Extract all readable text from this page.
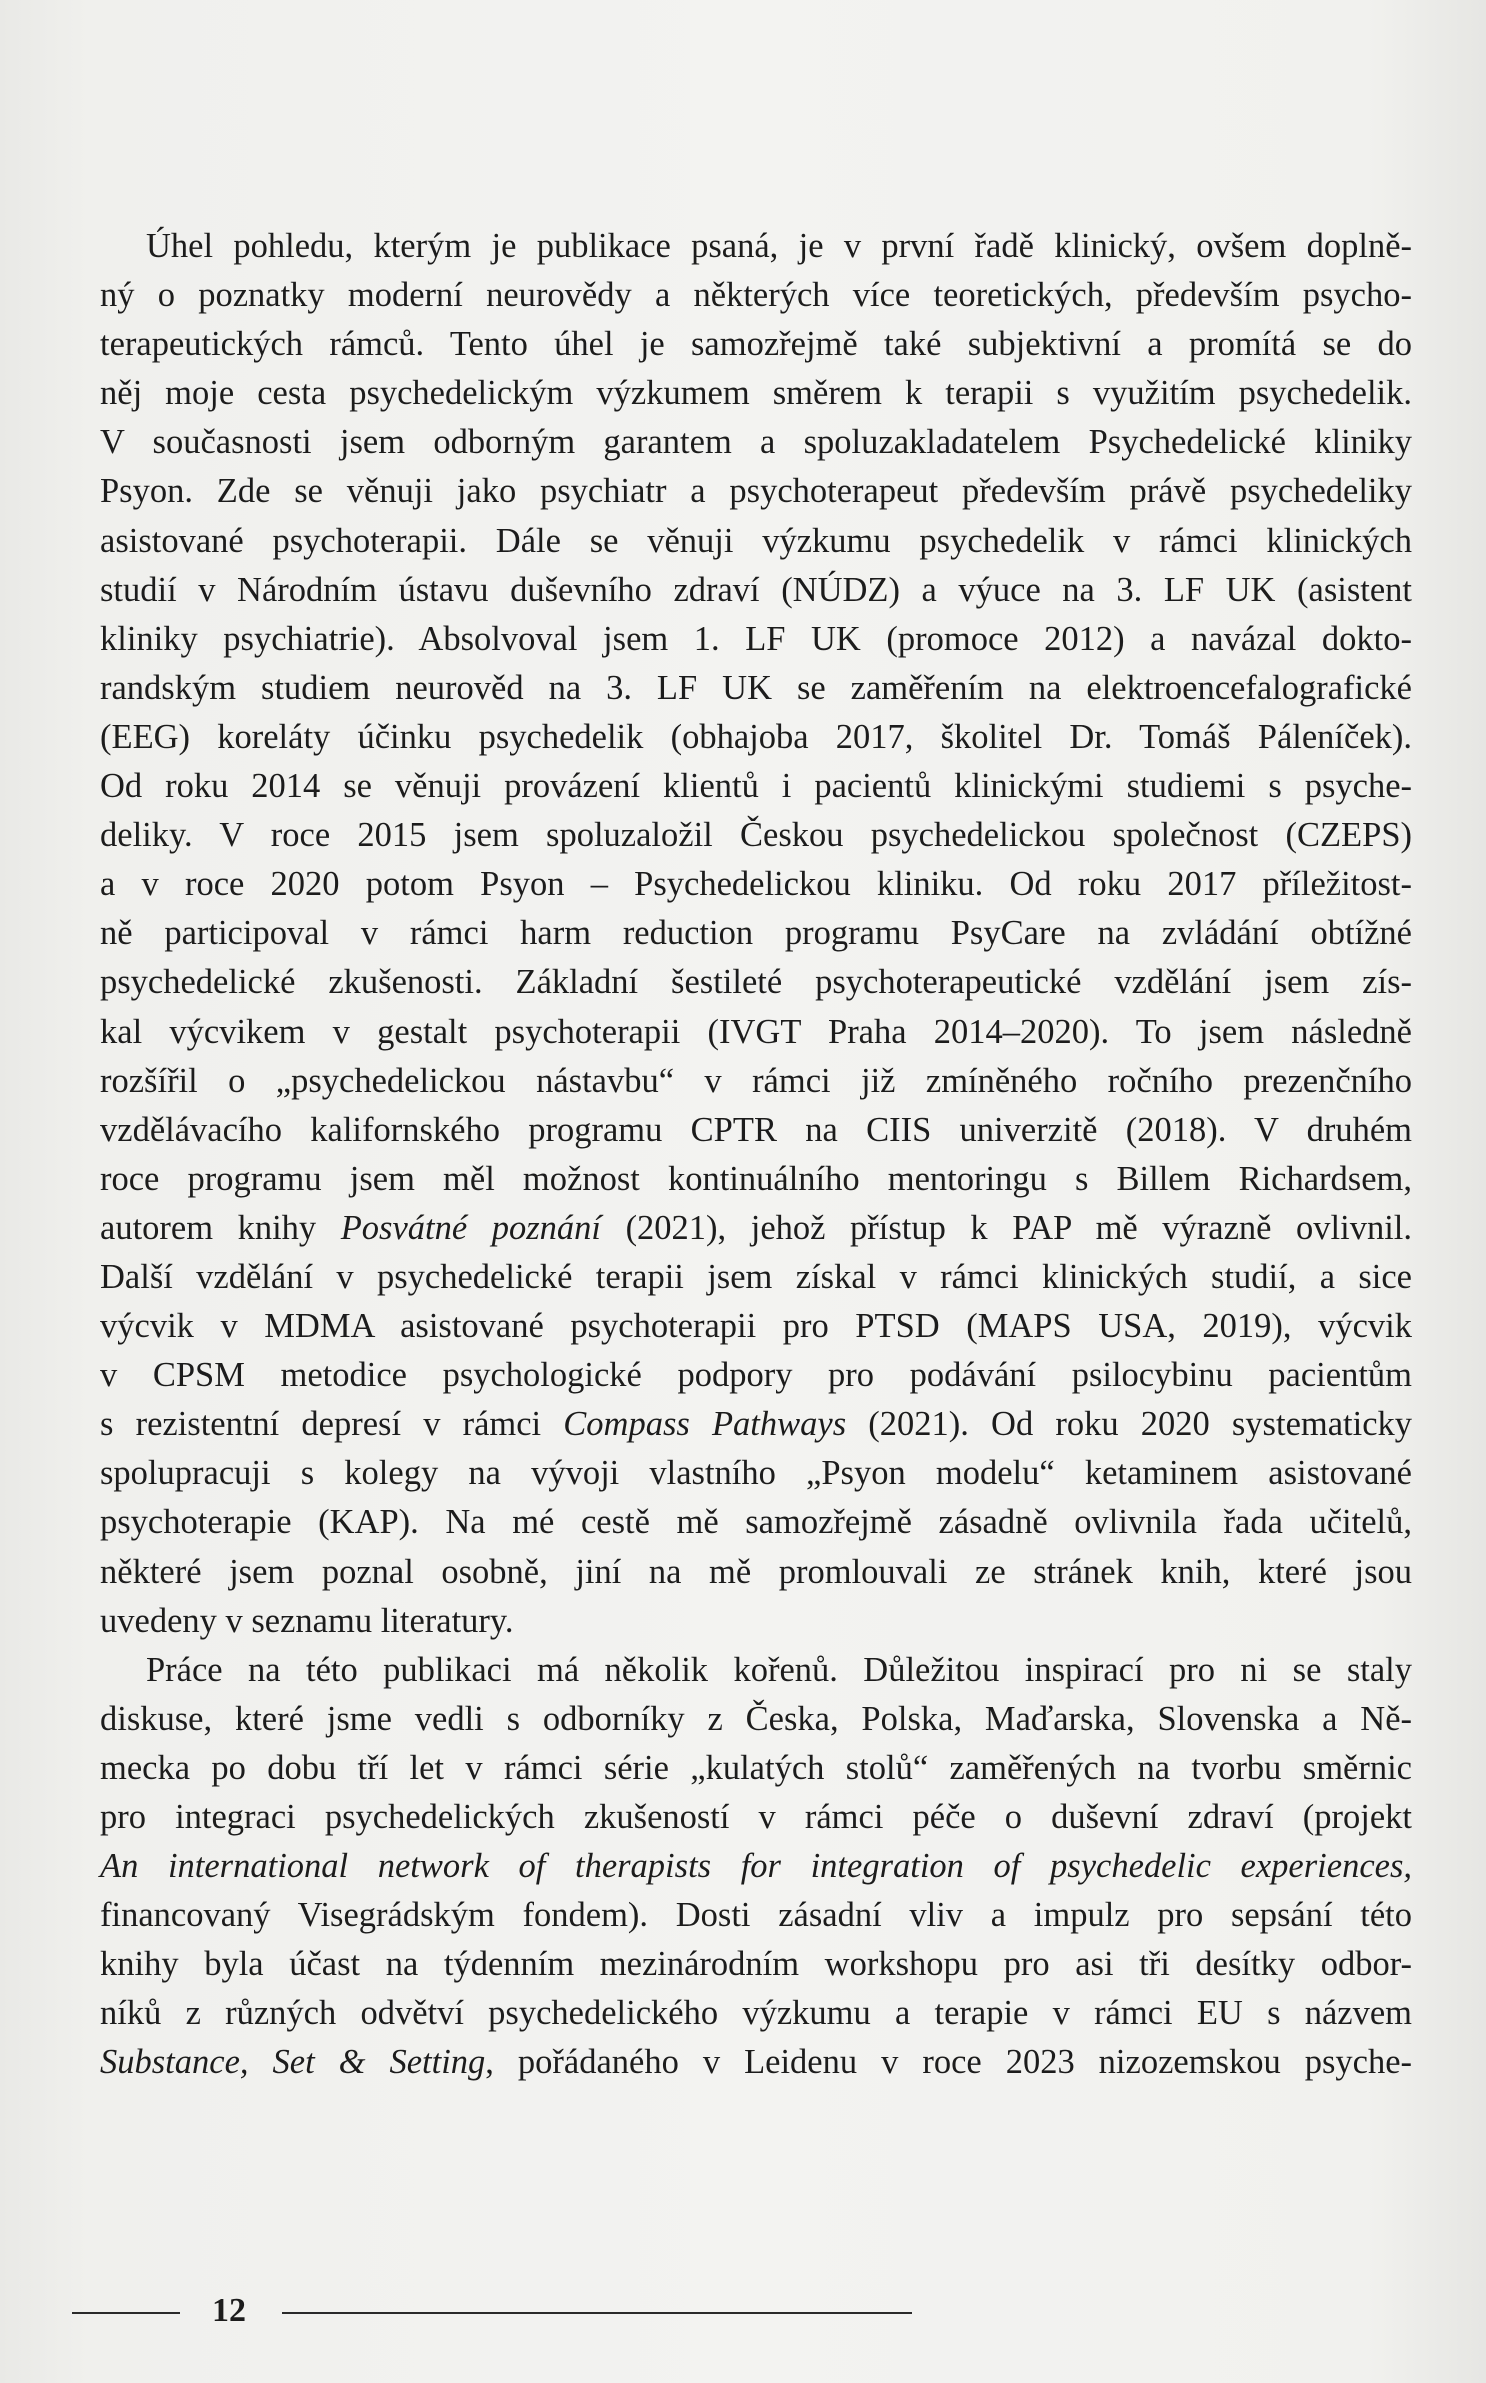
Úhel pohledu, kterým je publikace psaná, je v první řadě klinický, ovšem doplně-
ný o poznatky moderní neurovědy a některých více teoretických, především psycho-
terapeutických rámců. Tento úhel je samozřejmě také subjektivní a promítá se do
něj moje cesta psychedelickým výzkumem směrem k terapii s využitím psychedelik.
V současnosti jsem odborným garantem a spoluzakladatelem Psychedelické kliniky
Psyon. Zde se věnuji jako psychiatr a psychoterapeut především právě psychedeliky
asistované psychoterapii. Dále se věnuji výzkumu psychedelik v rámci klinických
studií v Národním ústavu duševního zdraví (NÚDZ) a výuce na 3. LF UK (asistent
kliniky psychiatrie). Absolvoval jsem 1. LF UK (promoce 2012) a navázal dokto-
randským studiem neurověd na 3. LF UK se zaměřením na elektroencefalografické
(EEG) koreláty účinku psychedelik (obhajoba 2017, školitel Dr. Tomáš Páleníček).
Od roku 2014 se věnuji provázení klientů i pacientů klinickými studiemi s psyche-
deliky. V roce 2015 jsem spoluzaložil Českou psychedelickou společnost (CZEPS)
a v roce 2020 potom Psyon – Psychedelickou kliniku. Od roku 2017 příležitost-
ně participoval v rámci harm reduction programu PsyCare na zvládání obtížné
psychedelické zkušenosti. Základní šestileté psychoterapeutické vzdělání jsem zís-
kal výcvikem v gestalt psychoterapii (IVGT Praha 2014–2020). To jsem následně
rozšířil o „psychedelickou nástavbu“ v rámci již zmíněného ročního prezenčního
vzdělávacího kalifornského programu CPTR na CIIS univerzitě (2018). V druhém
roce programu jsem měl možnost kontinuálního mentoringu s Billem Richardsem,
autorem knihy Posvátné poznání (2021), jehož přístup k PAP mě výrazně ovlivnil.
Další vzdělání v psychedelické terapii jsem získal v rámci klinických studií, a sice
výcvik v MDMA asistované psychoterapii pro PTSD (MAPS USA, 2019), výcvik
v CPSM metodice psychologické podpory pro podávání psilocybinu pacientům
s rezistentní depresí v rámci Compass Pathways (2021). Od roku 2020 systematicky
spolupracuji s kolegy na vývoji vlastního „Psyon modelu“ ketaminem asistované
psychoterapie (KAP). Na mé cestě mě samozřejmě zásadně ovlivnila řada učitelů,
některé jsem poznal osobně, jiní na mě promlouvali ze stránek knih, které jsou
uvedeny v seznamu literatury.

Práce na této publikaci má několik kořenů. Důležitou inspirací pro ni se staly
diskuse, které jsme vedli s odborníky z Česka, Polska, Maďarska, Slovenska a Ně-
mecka po dobu tří let v rámci série „kulatých stolů“ zaměřených na tvorbu směrnic
pro integraci psychedelických zkušeností v rámci péče o duševní zdraví (projekt
An international network of therapists for integration of psychedelic experiences,
financovaný Visegrádským fondem). Dosti zásadní vliv a impulz pro sepsání této
knihy byla účast na týdenním mezinárodním workshopu pro asi tři desítky odbor-
níků z různých odvětví psychedelického výzkumu a terapie v rámci EU s názvem
Substance, Set & Setting, pořádaného v Leidenu v roce 2023 nizozemskou psyche-

12
